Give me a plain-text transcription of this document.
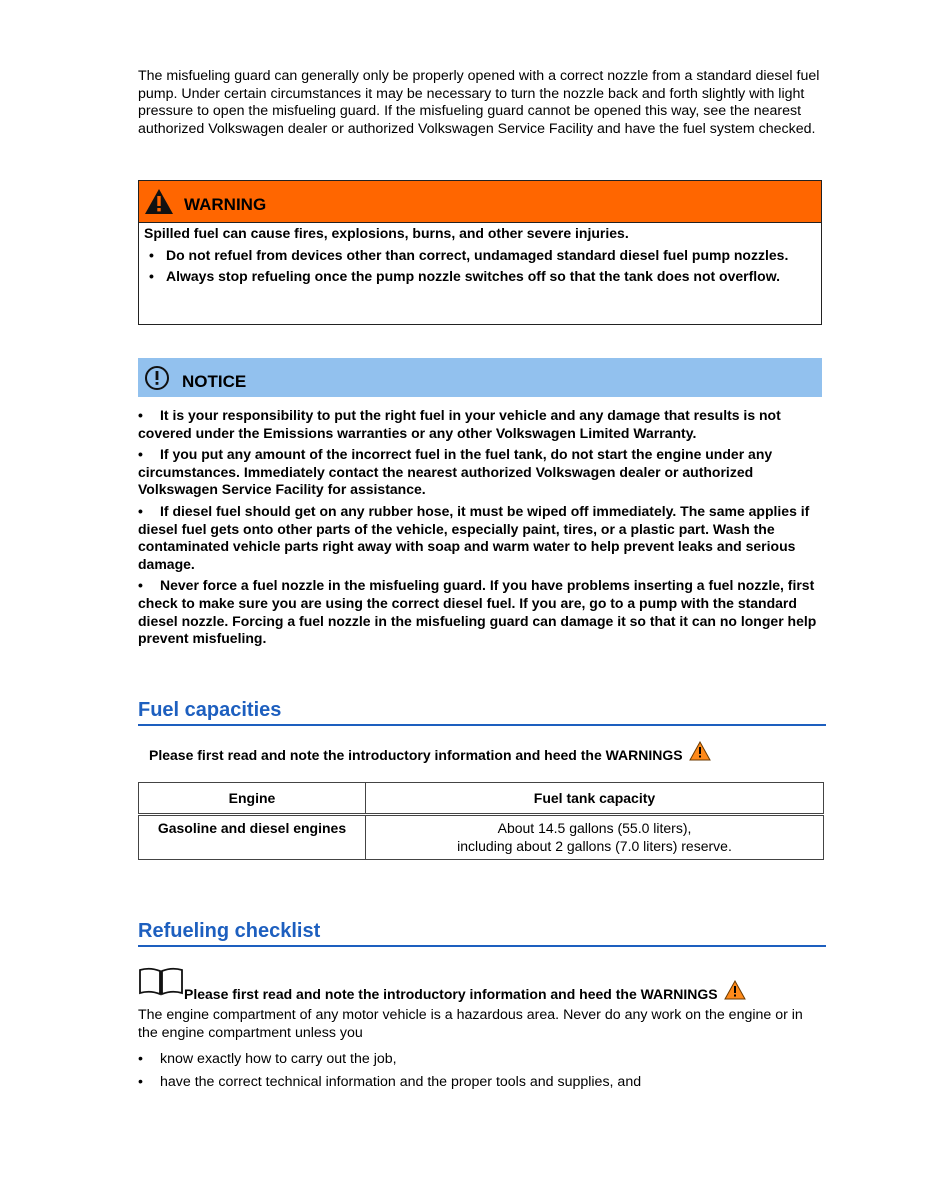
The misfueling guard can generally only be properly opened with a correct nozzle from a standard diesel fuel pump. Under certain circumstances it may be necessary to turn the nozzle back and forth slightly with light pressure to open the misfueling guard. If the misfueling guard cannot be opened this way, see the nearest authorized Volkswagen dealer or authorized Volkswagen Service Facility and have the fuel system checked.

WARNING

Spilled fuel can cause fires, explosions, burns, and other severe injuries.

• Do not refuel from devices other than correct, undamaged standard diesel fuel pump nozzles.

• Always stop refueling once the pump nozzle switches off so that the tank does not overflow.

NOTICE

• It is your responsibility to put the right fuel in your vehicle and any damage that results is not covered under the Emissions warranties or any other Volkswagen Limited Warranty.

• If you put any amount of the incorrect fuel in the fuel tank, do not start the engine under any circumstances. Immediately contact the nearest authorized Volkswagen dealer or authorized Volkswagen Service Facility for assistance.

• If diesel fuel should get on any rubber hose, it must be wiped off immediately. The same applies if diesel fuel gets onto other parts of the vehicle, especially paint, tires, or a plastic part. Wash the contaminated vehicle parts right away with soap and warm water to help prevent leaks and serious damage.

• Never force a fuel nozzle in the misfueling guard. If you have problems inserting a fuel nozzle, first check to make sure you are using the correct diesel fuel. If you are, go to a pump with the standard diesel nozzle. Forcing a fuel nozzle in the misfueling guard can damage it so that it can no longer help prevent misfueling.

Fuel capacities
Please first read and note the introductory information and heed the WARNINGS
Engine	Fuel tank capacity
Gasoline and diesel engines	About 14.5 gallons (55.0 liters),
including about 2 gallons (7.0 liters) reserve.
Refueling checklist
Please first read and note the introductory information and heed the WARNINGS

The engine compartment of any motor vehicle is a hazardous area. Never do any work on the engine or in the engine compartment unless you

• know exactly how to carry out the job,
• have the correct technical information and the proper tools and supplies, and
